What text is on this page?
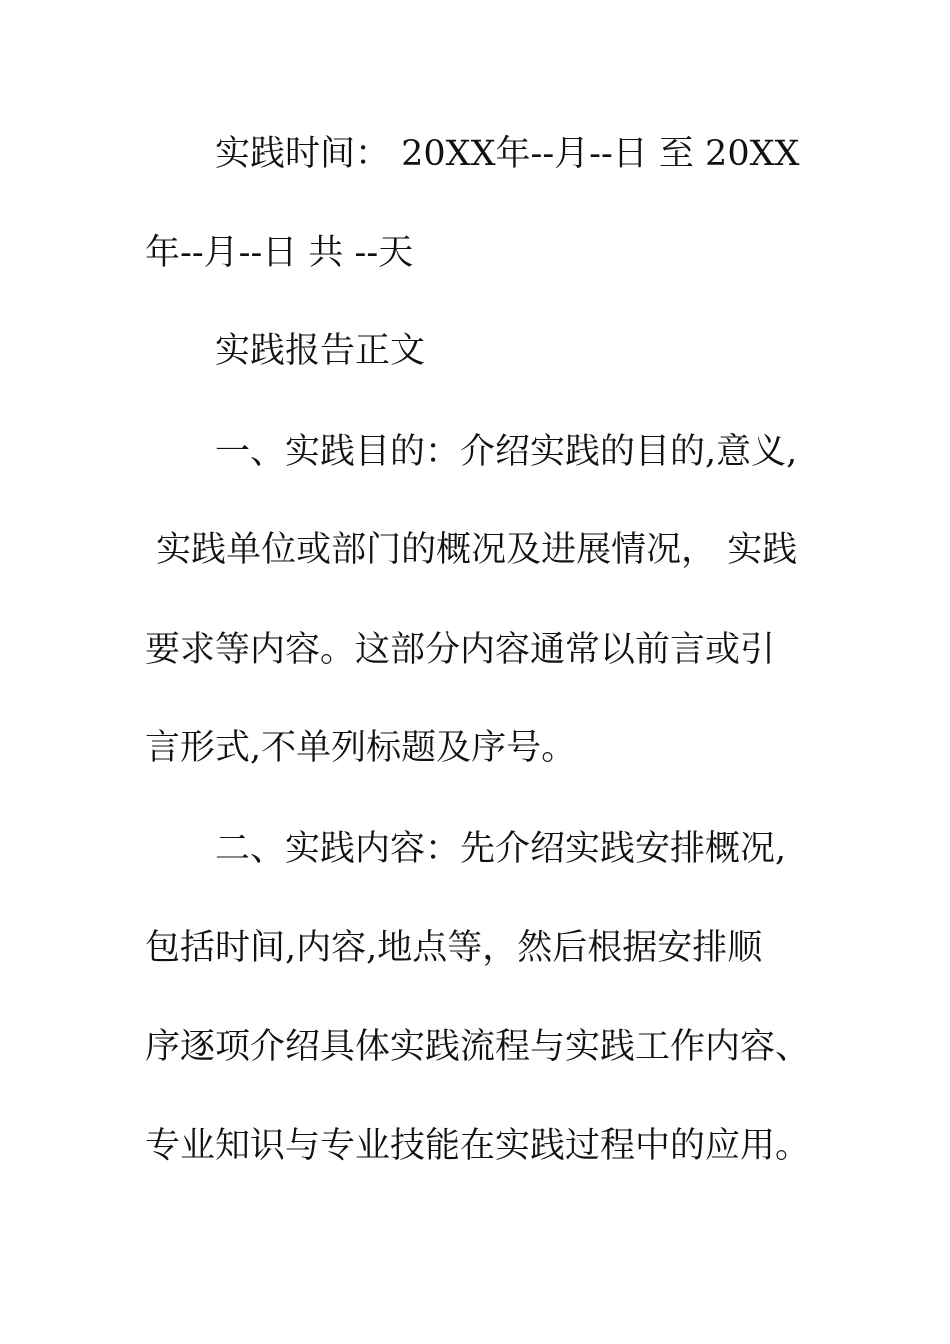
实践时间： 20XX年--月--日 至 20XX
年--月--日 共 --天
实践报告正文
一、实践目的：介绍实践的目的,意义,
实践单位或部门的概况及进展情况， 实践
要求等内容。这部分内容通常以前言或引
言形式,不单列标题及序号。
二、实践内容：先介绍实践安排概况,
包括时间,内容,地点等，然后根据安排顺
序逐项介绍具体实践流程与实践工作内容、
专业知识与专业技能在实践过程中的应用。
